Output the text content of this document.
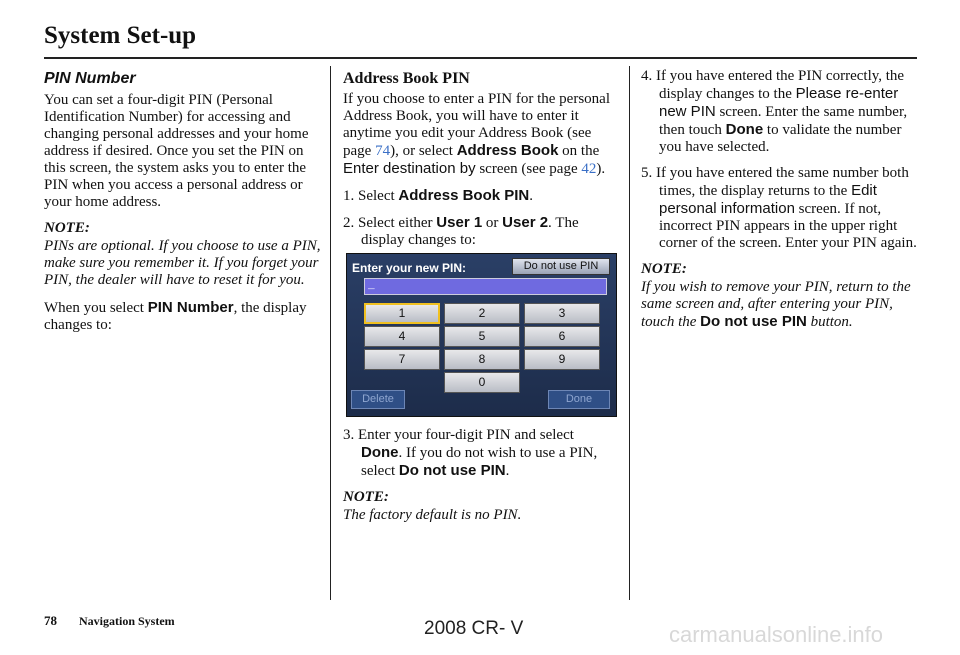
System Set-up
PIN Number

You can set a four-digit PIN (Personal Identification Number) for accessing and changing personal addresses and your home address if desired. Once you set the PIN on this screen, the system asks you to enter the PIN when you access a personal address or your home address.

NOTE:
PINs are optional. If you choose to use a PIN, make sure you remember it. If you forget your PIN, the dealer will have to reset it for you.

When you select PIN Number, the display changes to:

Address Book PIN

If you choose to enter a PIN for the personal Address Book, you will have to enter it anytime you edit your Address Book (see page 74), or select Address Book on the Enter destination by screen (see page 42).

1. Select Address Book PIN.
2. Select either User 1 or User 2. The display changes to:
Enter your new PIN:	Do not use PIN
_
1	2	3
4	5	6
7	8	9
0
Delete	Done
3. Enter your four-digit PIN and select Done. If you do not wish to use a PIN, select Do not use PIN.
NOTE:
The factory default is no PIN.
4. If you have entered the PIN correctly, the display changes to the Please re-enter new PIN screen. Enter the same number, then touch Done to validate the number you have selected.
5. If you have entered the same number both times, the display returns to the Edit personal information screen. If not, incorrect PIN appears in the upper right corner of the screen. Enter your PIN again.
NOTE:
If you wish to remove your PIN, return to the same screen and, after entering your PIN, touch the Do not use PIN button.
78 Navigation System	2008 CR- V	carmanualsonline.info
